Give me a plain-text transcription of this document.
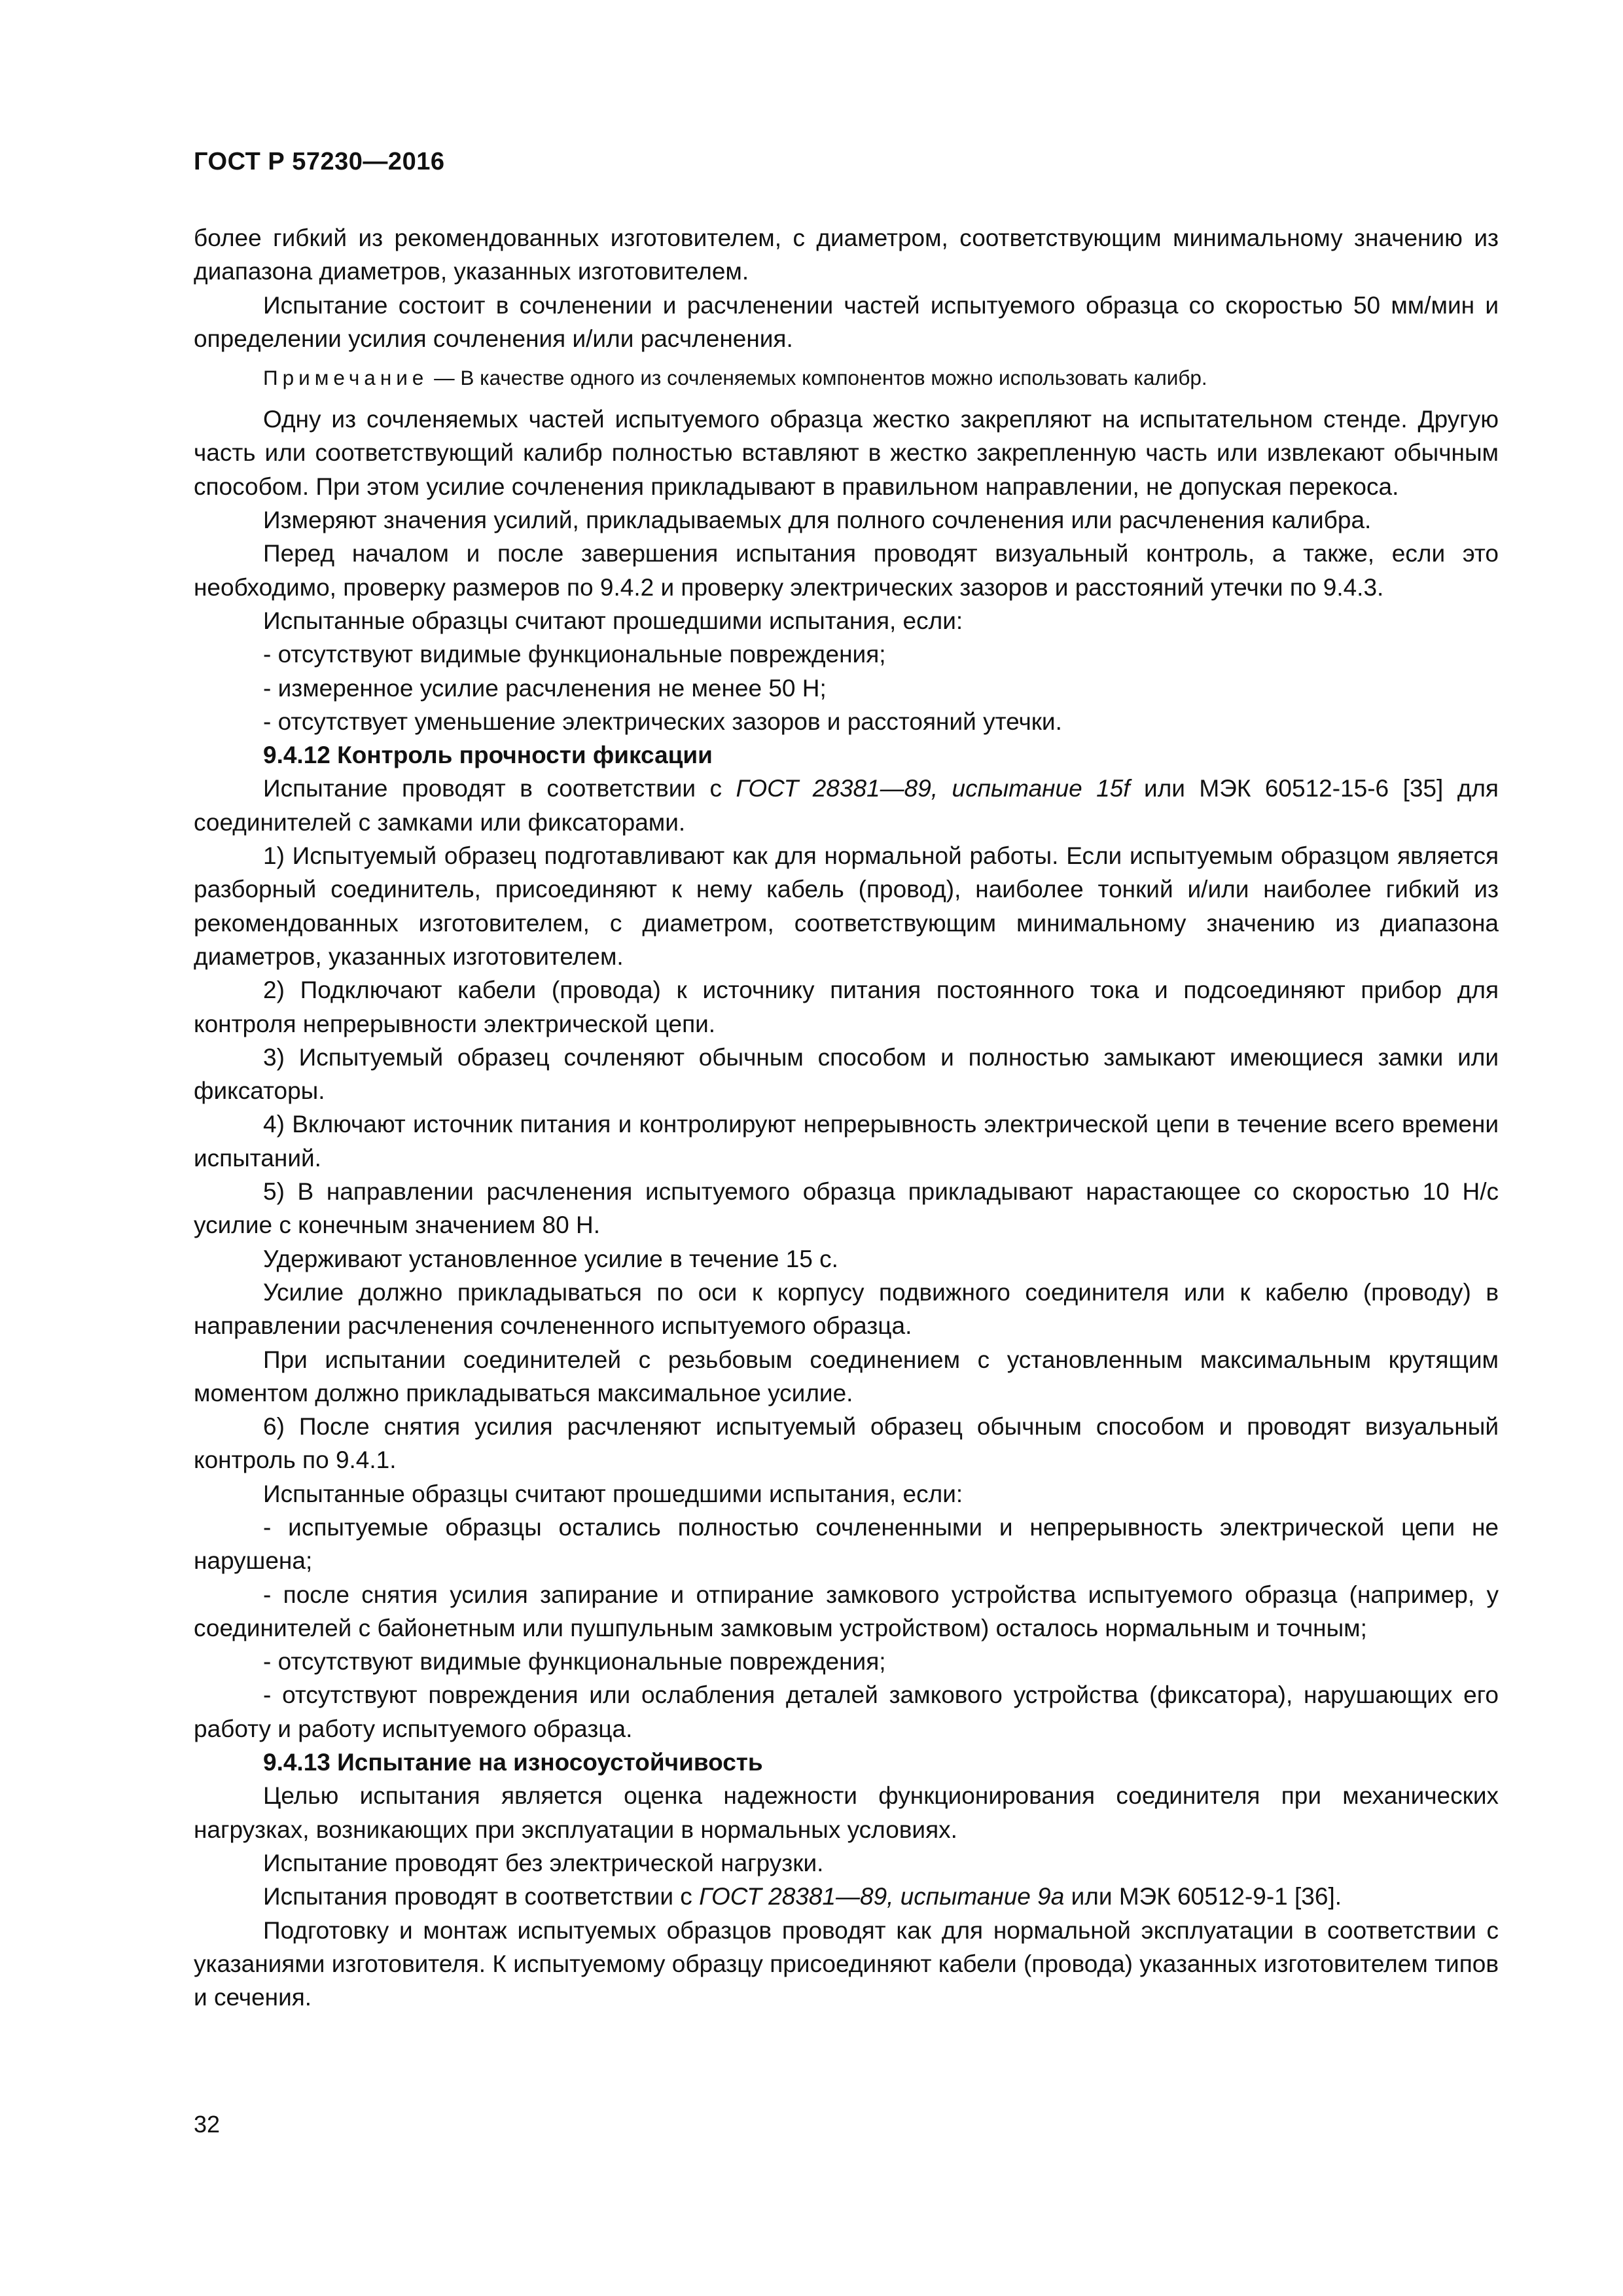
ГОСТ Р 57230—2016

более гибкий из рекомендованных изготовителем, с диаметром, соответствующим минимальному значению из диапазона диаметров, указанных изготовителем.

Испытание состоит в сочленении и расчленении частей испытуемого образца со скоростью 50 мм/мин и определении усилия сочленения и/или расчленения.

Примечание — В качестве одного из сочленяемых компонентов можно использовать калибр.

Одну из сочленяемых частей испытуемого образца жестко закрепляют на испытательном стенде. Другую часть или соответствующий калибр полностью вставляют в жестко закрепленную часть или извлекают обычным способом. При этом усилие сочленения прикладывают в правильном направлении, не допуская перекоса.

Измеряют значения усилий, прикладываемых для полного сочленения или расчленения калибра.

Перед началом и после завершения испытания проводят визуальный контроль, а также, если это необходимо, проверку размеров по 9.4.2 и проверку электрических зазоров и расстояний утечки по 9.4.3.

Испытанные образцы считают прошедшими испытания, если:

- отсутствуют видимые функциональные повреждения;

- измеренное усилие расчленения не менее 50 Н;

- отсутствует уменьшение электрических зазоров и расстояний утечки.

9.4.12 Контроль прочности фиксации

Испытание проводят в соответствии с ГОСТ 28381—89, испытание 15f или МЭК 60512-15-6 [35] для соединителей с замками или фиксаторами.

1) Испытуемый образец подготавливают как для нормальной работы. Если испытуемым образцом является разборный соединитель, присоединяют к нему кабель (провод), наиболее тонкий и/или наиболее гибкий из рекомендованных изготовителем, с диаметром, соответствующим минимальному значению из диапазона диаметров, указанных изготовителем.

2) Подключают кабели (провода) к источнику питания постоянного тока и подсоединяют прибор для контроля непрерывности электрической цепи.

3) Испытуемый образец сочленяют обычным способом и полностью замыкают имеющиеся замки или фиксаторы.

4) Включают источник питания и контролируют непрерывность электрической цепи в течение всего времени испытаний.

5) В направлении расчленения испытуемого образца прикладывают нарастающее со скоростью 10 Н/с усилие с конечным значением 80 Н.

Удерживают установленное усилие в течение 15 с.

Усилие должно прикладываться по оси к корпусу подвижного соединителя или к кабелю (проводу) в направлении расчленения сочлененного испытуемого образца.

При испытании соединителей с резьбовым соединением с установленным максимальным крутящим моментом должно прикладываться максимальное усилие.

6) После снятия усилия расчленяют испытуемый образец обычным способом и проводят визуальный контроль по 9.4.1.

Испытанные образцы считают прошедшими испытания, если:

- испытуемые образцы остались полностью сочлененными и непрерывность электрической цепи не нарушена;

- после снятия усилия запирание и отпирание замкового устройства испытуемого образца (например, у соединителей с байонетным или пушпульным замковым устройством) осталось нормальным и точным;

- отсутствуют видимые функциональные повреждения;

- отсутствуют повреждения или ослабления деталей замкового устройства (фиксатора), нарушающих его работу и работу испытуемого образца.

9.4.13 Испытание на износоустойчивость

Целью испытания является оценка надежности функционирования соединителя при механических нагрузках, возникающих при эксплуатации в нормальных условиях.

Испытание проводят без электрической нагрузки.

Испытания проводят в соответствии с ГОСТ 28381—89, испытание 9а или МЭК 60512-9-1 [36].

Подготовку и монтаж испытуемых образцов проводят как для нормальной эксплуатации в соответствии с указаниями изготовителя. К испытуемому образцу присоединяют кабели (провода) указанных изготовителем типов и сечения.

32
